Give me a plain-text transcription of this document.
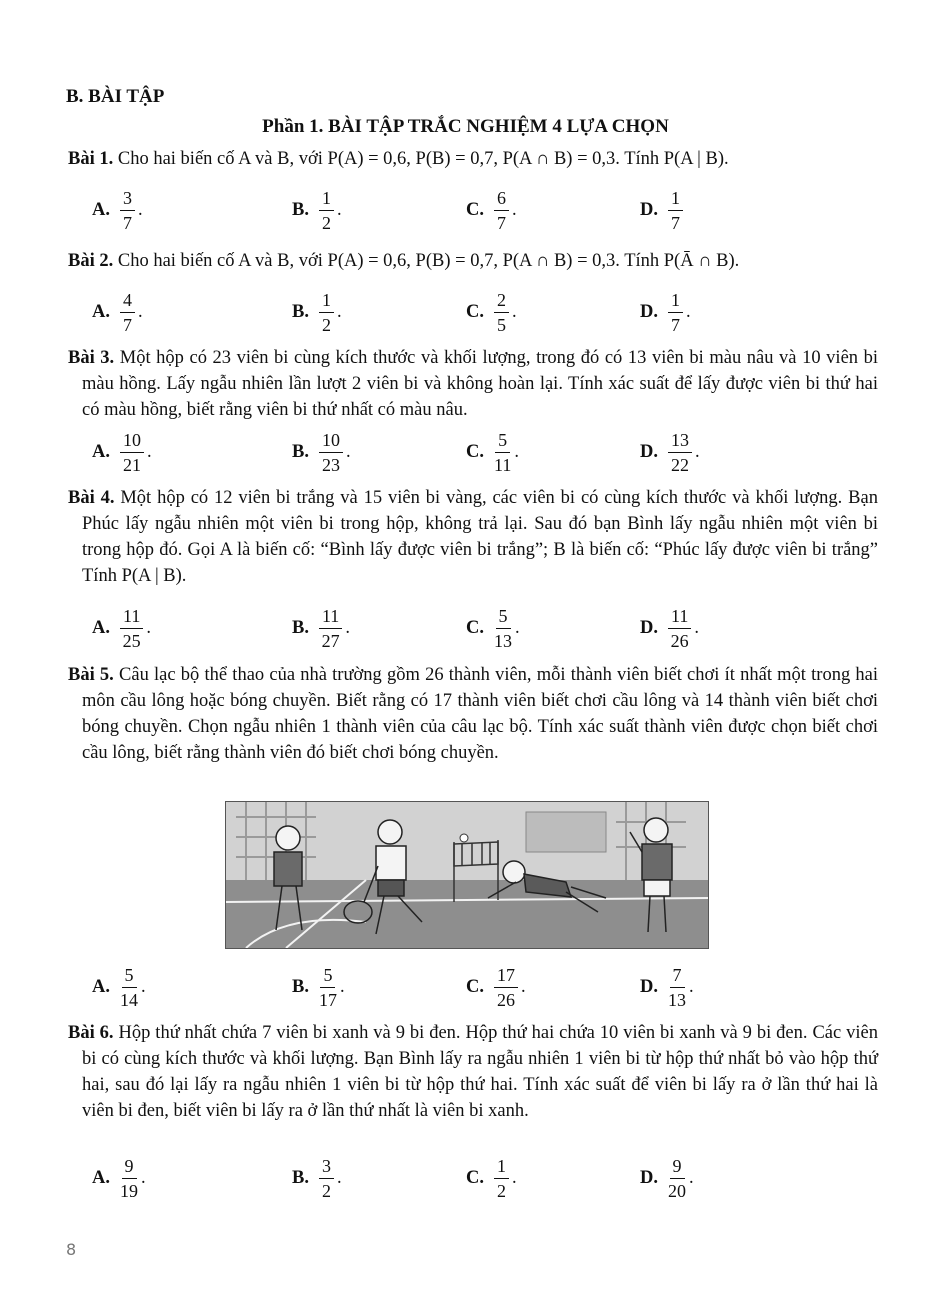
B. BÀI TẬP
Phần 1. BÀI TẬP TRẮC NGHIỆM 4 LỰA CHỌN
Bài 1. Cho hai biến cố A và B, với P(A) = 0,6, P(B) = 0,7, P(A ∩ B) = 0,3. Tính P(A | B).
A. $\frac{3}{7}$ .	B. $\frac{1}{2}$ .	C. $\frac{6}{7}$ .	D. $\frac{1}{7}$
Bài 2. Cho hai biến cố A và B, với P(A) = 0,6, P(B) = 0,7, P(A ∩ B) = 0,3. Tính P(Ā ∩ B).
A. $\frac{4}{7}$ .	B. $\frac{1}{2}$ .	C. $\frac{2}{5}$ .	D. $\frac{1}{7}$ .
Bài 3. Một hộp có 23 viên bi cùng kích thước và khối lượng, trong đó có 13 viên bi màu nâu và 10 viên bi màu hồng. Lấy ngẫu nhiên lần lượt 2 viên bi và không hoàn lại. Tính xác suất để lấy được viên bi thứ hai có màu hồng, biết rằng viên bi thứ nhất có màu nâu.
A. $\frac{10}{21}$ .	B. $\frac{10}{23}$ .	C. $\frac{5}{11}$ .	D. $\frac{13}{22}$ .
Bài 4. Một hộp có 12 viên bi trắng và 15 viên bi vàng, các viên bi có cùng kích thước và khối lượng. Bạn Phúc lấy ngẫu nhiên một viên bi trong hộp, không trả lại. Sau đó bạn Bình lấy ngẫu nhiên một viên bi trong hộp đó. Gọi A là biến cố: “Bình lấy được viên bi trắng”; B là biến cố: “Phúc lấy được viên bi trắng” Tính P(A | B).
A. $\frac{11}{25}$ .	B. $\frac{11}{27}$ .	C. $\frac{5}{13}$ .	D. $\frac{11}{26}$ .
Bài 5. Câu lạc bộ thể thao của nhà trường gồm 26 thành viên, mỗi thành viên biết chơi ít nhất một trong hai môn cầu lông hoặc bóng chuyền. Biết rằng có 17 thành viên biết chơi cầu lông và 14 thành viên biết chơi bóng chuyền. Chọn ngẫu nhiên 1 thành viên của câu lạc bộ. Tính xác suất thành viên được chọn biết chơi cầu lông, biết rằng thành viên đó biết chơi bóng chuyền.
A. $\frac{5}{14}$ .	B. $\frac{5}{17}$ .	C. $\frac{17}{26}$ .	D. $\frac{7}{13}$ .
Bài 6. Hộp thứ nhất chứa 7 viên bi xanh và 9 bi đen. Hộp thứ hai chứa 10 viên bi xanh và 9 bi đen. Các viên bi có cùng kích thước và khối lượng. Bạn Bình lấy ra ngẫu nhiên 1 viên bi từ hộp thứ nhất bỏ vào hộp thứ hai, sau đó lại lấy ra ngẫu nhiên 1 viên bi từ hộp thứ hai. Tính xác suất để viên bi lấy ra ở lần thứ hai là viên bi đen, biết viên bi lấy ra ở lần thứ nhất là viên bi xanh.
A. $\frac{9}{19}$ .	B. $\frac{3}{2}$ .	C. $\frac{1}{2}$ .	D. $\frac{9}{20}$ .
8
